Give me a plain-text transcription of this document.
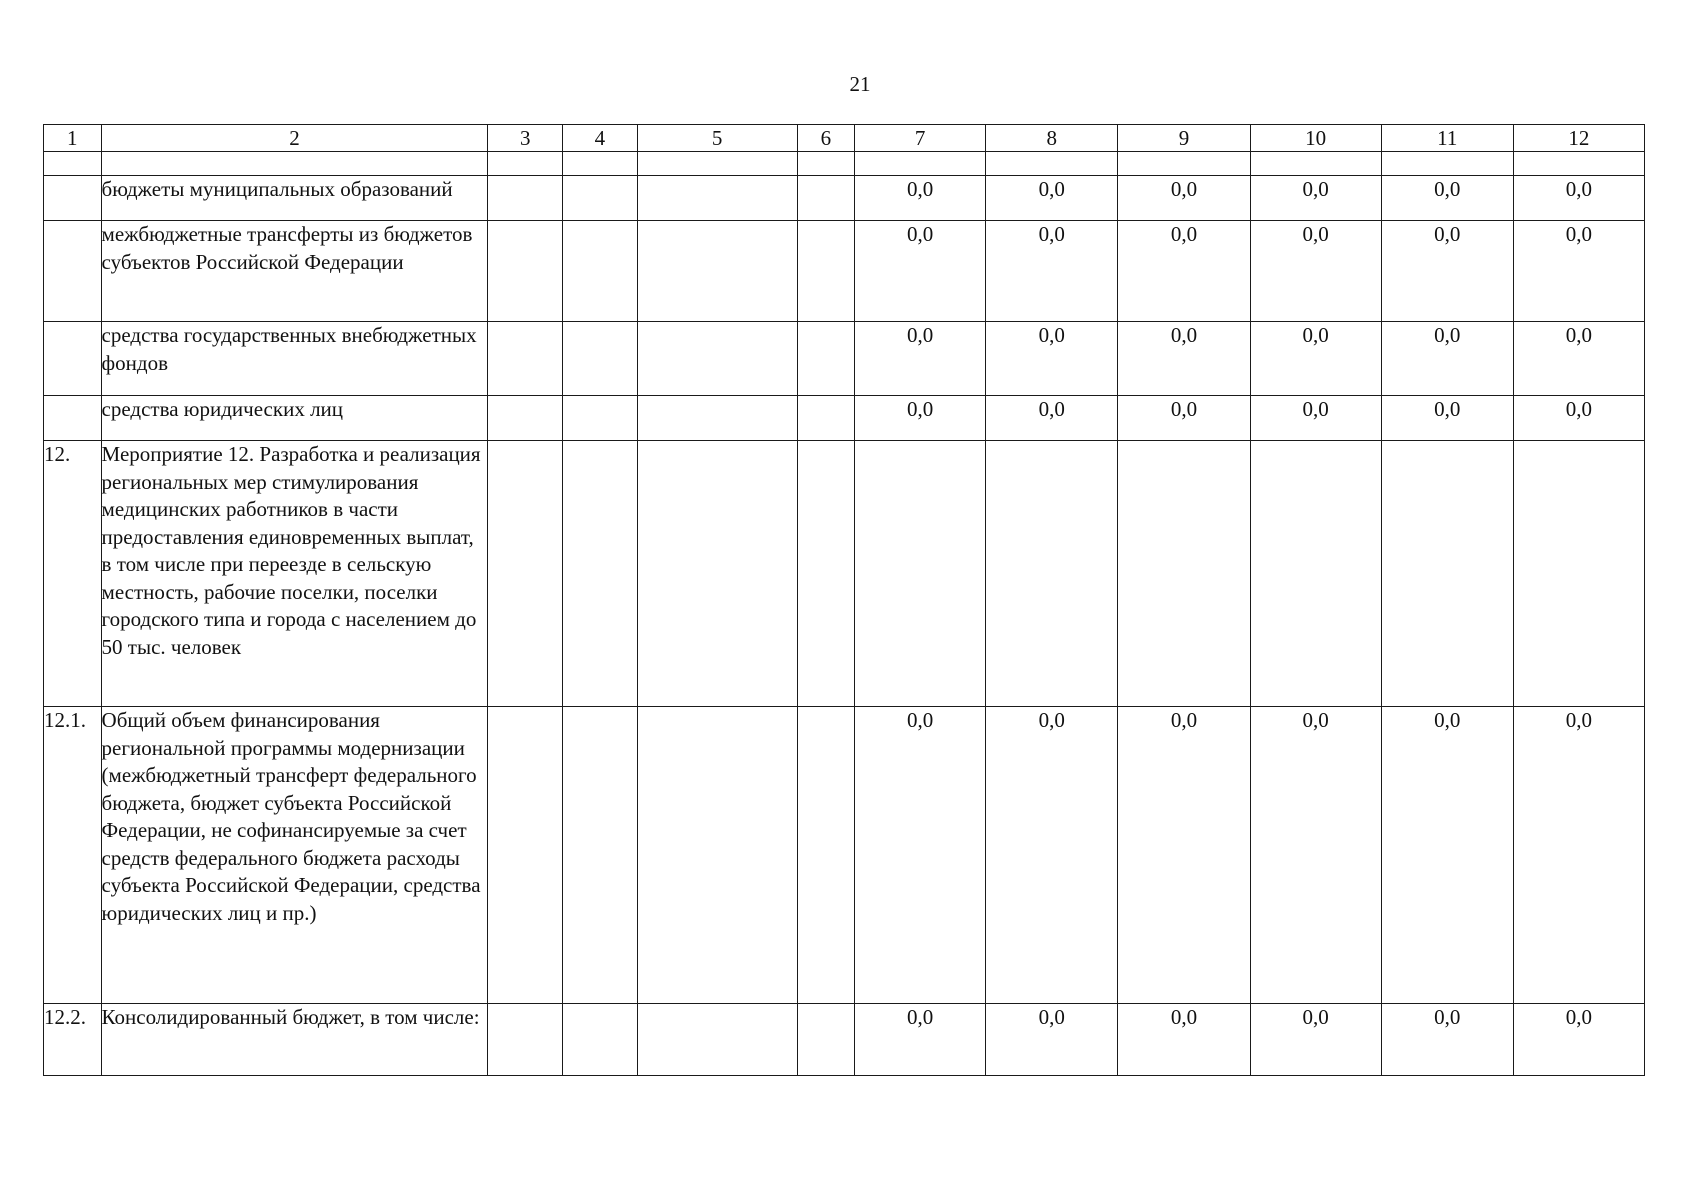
21
1	2	3	4	5	6	7	8	9	10	11	12

	бюджеты муниципальных образований					0,0	0,0	0,0	0,0	0,0	0,0
	межбюджетные трансферты из бюджетов субъектов Российской Федерации					0,0	0,0	0,0	0,0	0,0	0,0
	средства государственных внебюджетных фондов					0,0	0,0	0,0	0,0	0,0	0,0
	средства юридических лиц					0,0	0,0	0,0	0,0	0,0	0,0
12.	Мероприятие 12. Разработка и реализация региональных мер стимулирования медицинских работников в части предоставления единовременных выплат, в том числе при переезде в сельскую местность, рабочие поселки, поселки городского типа и города с населением до 50 тыс. человек										
12.1.	Общий объем финансирования региональной программы модернизации (межбюджетный трансферт федерального бюджета, бюджет субъекта Российской Федерации, не софинансируемые за счет средств федерального бюджета расходы субъекта Российской Федерации, средства юридических лиц и пр.)					0,0	0,0	0,0	0,0	0,0	0,0
12.2.	Консолидированный бюджет, в том числе:					0,0	0,0	0,0	0,0	0,0	0,0
